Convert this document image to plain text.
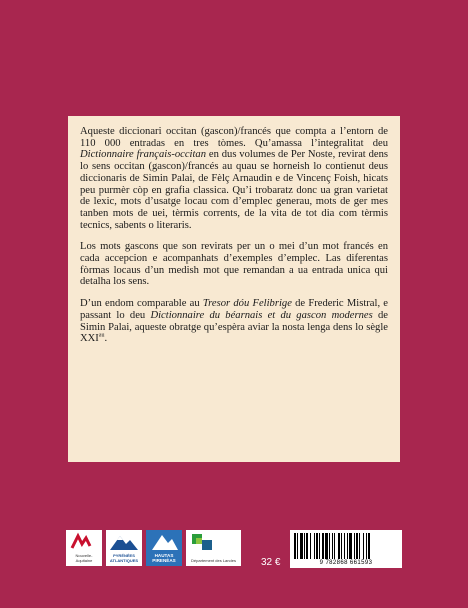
Aqueste diccionari occitan (gascon)/francés que compta a l’entorn de 110 000 entradas en tres tòmes. Qu’amassa l’integralitat deu Dictionnaire français-occitan en dus volumes de Per Noste, revirat dens lo sens occitan (gascon)/francés au quau se horneish lo contienut deus diccionaris de Simin Palai, de Fèlç Arnaudin e de Vincenç Foish, hicats peu purmèr còp en grafia classica. Qu’i trobaratz donc ua gran varietat de lexic, mots d’usatge locau com d’emplec generau, mots de ger mes tanben mots de uei, tèrmis corrents, de la vita de tot dia com tèrmis tecnics, sabents o literaris.

Los mots gascons que son revirats per un o mei d’un mot francés en cada accepcion e acompanhats d’exemples d’emplec. Las diferentas fòrmas locaus d’un medish mot que remandan a ua entrada unica qui detalha los sens.

D’un endom comparable au Tresor dóu Felibrige de Frederic Mistral, e passant lo deu Dictionnaire du béarnais et du gascon modernes de Simin Palai, aqueste obratge qu’espèra aviar la nosta lenga dens lo sègle $XXI^{au}$.

Nouvelle-Aquitaine
PYRÉNÉES ATLANTIQUES
HAUTAS PIRENÈAS	Département des Landes	32 €	9 782868 661593
